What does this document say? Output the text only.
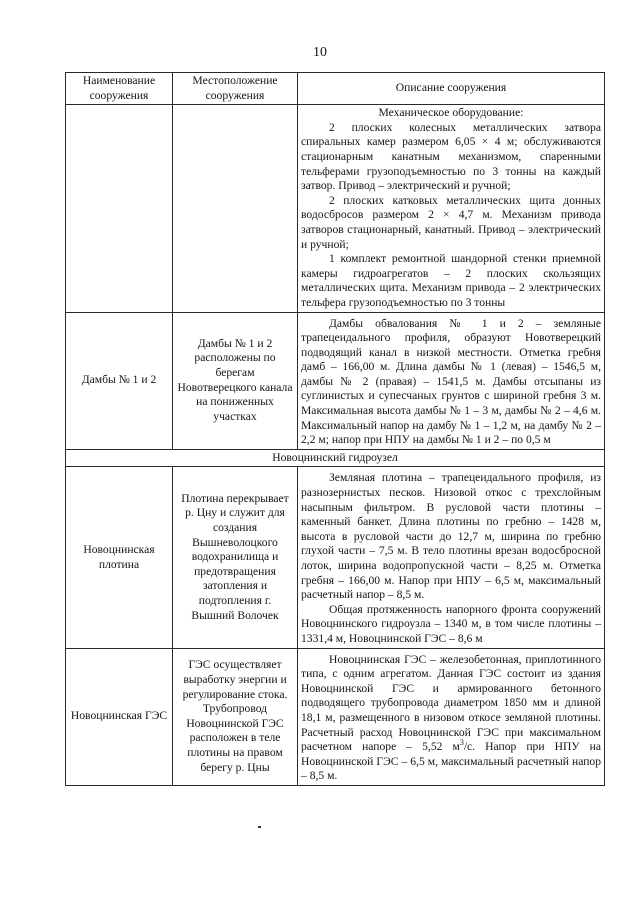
10
Наименование сооружения	Местоположение сооружения	Описание сооружения

		Механическое оборудование:

2 плоских колесных металлических затвора спиральных камер размером 6,05 × 4 м; обслуживаются стационарным канатным механизмом, спаренными тельферами грузоподъемностью по 3 тонны на каждый затвор. Привод – электрический и ручной;

2 плоских катковых металлических щита донных водосбросов размером 2 × 4,7 м. Механизм привода затворов стационарный, канатный. Привод – электрический и ручной;

1 комплект ремонтной шандорной стенки приемной камеры гидроагрегатов – 2 плоских скользящих металлических щита. Механизм привода – 2 электрических тельфера грузоподъемностью по 3 тонны

Дамбы № 1 и 2	Дамбы № 1 и 2 расположены по берегам Новотверецкого канала на пониженных участках	Дамбы обвалования № 1 и 2 – земляные трапецеидального профиля, образуют Новотверецкий подводящий канал в низкой местности. Отметка гребня дамб – 166,00 м. Длина дамбы № 1 (левая) – 1546,5 м, дамбы № 2 (правая) – 1541,5 м. Дамбы отсыпаны из суглинистых и супесчаных грунтов с шириной гребня 3 м. Максимальная высота дамбы № 1 – 3 м, дамбы № 2 – 4,6 м. Максимальный напор на дамбу № 1 – 1,2 м, на дамбу № 2 – 2,2 м; напор при НПУ на дамбы № 1 и 2 – по 0,5 м

Новоцнинский гидроузел		
Новоцнинская плотина	Плотина перекрывает р. Цну и служит для создания Вышневолоцкого водохранилища и предотвращения затопления и подтопления г. Вышний Волочек	Земляная плотина – трапецеидального профиля, из разнозернистых песков. Низовой откос с трехслойным насыпным фильтром. В русловой части плотины – каменный банкет. Длина плотины по гребню – 1428 м, высота в русловой части до 12,7 м, ширина по гребню глухой части – 7,5 м. В тело плотины врезан водосбросной лоток, ширина водопропускной части – 8,25 м. Отметка гребня – 166,00 м. Напор при НПУ – 6,5 м, максимальный расчетный напор – 8,5 м.

Общая протяженность напорного фронта сооружений Новоцнинского гидроузла – 1340 м, в том числе плотины – 1331,4 м, Новоцнинской ГЭС – 8,6 м

Новоцнинская ГЭС	ГЭС осуществляет выработку энергии и регулирование стока. Трубопровод Новоцнинской ГЭС расположен в теле плотины на правом берегу р. Цны	Новоцнинская ГЭС – железобетонная, приплотинного типа, с одним агрегатом. Данная ГЭС состоит из здания Новоцнинской ГЭС и армированного бетонного подводящего трубопровода диаметром 1850 мм и длиной 18,1 м, размещенного в низовом откосе земляной плотины. Расчетный расход Новоцнинской ГЭС при максимальном расчетном напоре – 5,52 $м^3/с$. Напор при НПУ на Новоцнинской ГЭС – 6,5 м, максимальный расчетный напор – 8,5 м.
